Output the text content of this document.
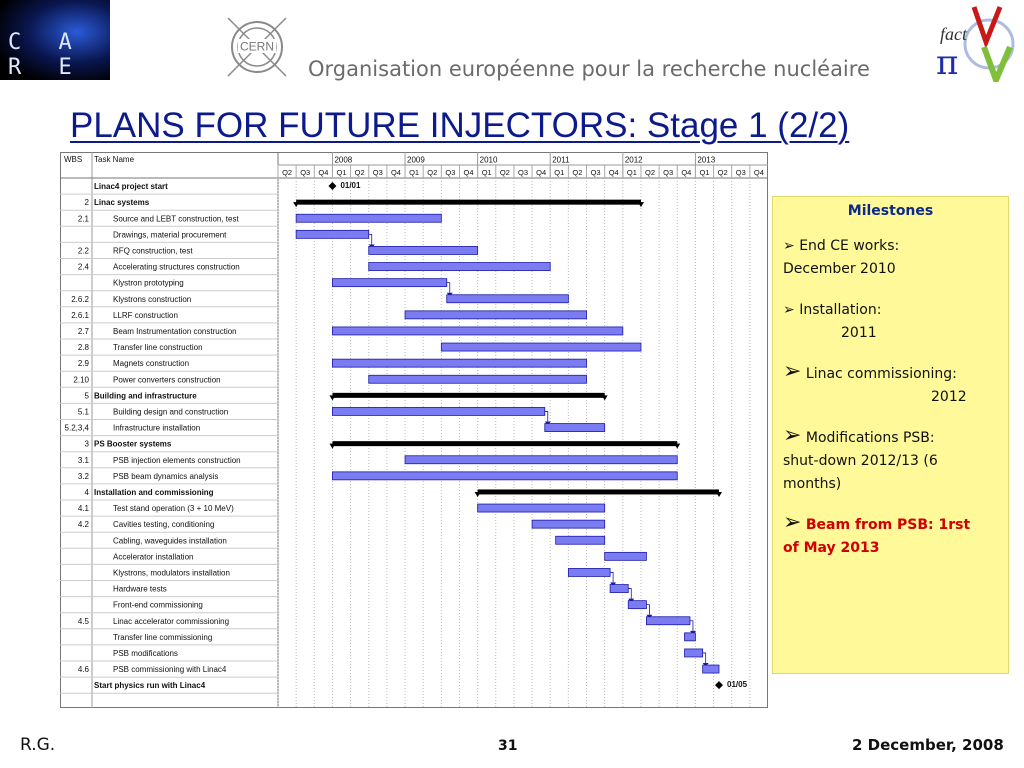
C A R E
CERN
Organisation européenne pour la recherche nucléaire
fact
π
PLANS FOR FUTURE INJECTORS: Stage 1 (2/2)
WBS Task Name	2008	2009	2010	2011	2012	2013
Q2 Q3 Q4 Q1 Q2 Q3 Q4 Q1 Q2 Q3 Q4 Q1 Q2 Q3 Q4 Q1 Q2 Q3 Q4 Q1 Q2 Q3 Q4 Q1 Q2 Q3 Q4
Linac4 project start	01/01
2 Linac systems
2.1	Source and LEBT construction, test
Drawings, material procurement
2.2	RFQ construction, test
2.4	Accelerating structures construction
Klystron prototyping
2.6.2	Klystrons construction
2.6.1	LLRF construction
2.7	Beam Instrumentation construction
2.8	Transfer line construction
2.9	Magnets construction
2.10	Power converters construction
5 Building and infrastructure
5.1	Building design and construction
5.2,3,4	Infrastructure installation
3 PS Booster systems
3.1	PSB injection elements construction
3.2	PSB beam dynamics analysis
4 Installation and commissioning
4.1	Test stand operation (3 + 10 MeV)
4.2	Cavities testing, conditioning
Cabling, waveguides installation
Accelerator installation
Klystrons, modulators installation
Hardware tests
Front-end commissioning
4.5	Linac accelerator commissioning
Transfer line commissioning
PSB modifications
4.6	PSB commissioning with Linac4
Start physics run with Linac4	01/05
Milestones
➢ End CE works:
December 2010
➢ Installation:
2011
➢ Linac commissioning:
2012
➢ Modifications PSB:
shut-down 2012/13 (6
months)
➢ Beam from PSB: 1rst
of May 2013
R.G.	31	2 December, 2008
